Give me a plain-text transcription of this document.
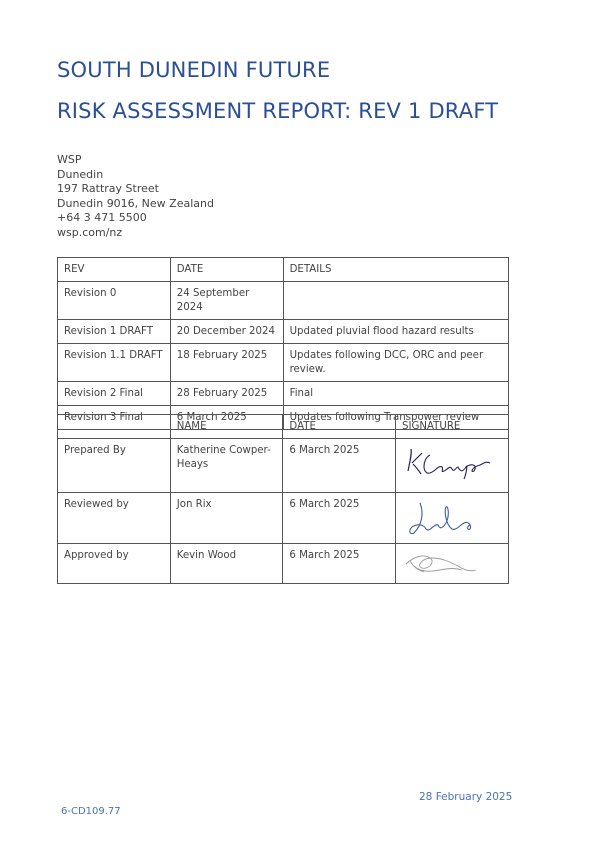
SOUTH DUNEDIN FUTURE
RISK ASSESSMENT REPORT: REV 1 DRAFT
WSP
Dunedin
197 Rattray Street
Dunedin 9016, New Zealand
+64 3 471 5500
wsp.com/nz
REV	DATE	DETAILS
Revision 0	24 September 2024	
Revision 1 DRAFT	20 December 2024	Updated pluvial flood hazard results
Revision 1.1 DRAFT	18 February 2025	Updates following DCC, ORC and peer review.
Revision 2 Final	28 February 2025	Final
Revision 3 Final	6 March 2025	Updates following Transpower review
	NAME	DATE	SIGNATURE
Prepared By	Katherine Cowper-Heays	6 March 2025	

Reviewed by	Jon Rix	6 March 2025	

Approved by	Kevin Wood	6 March 2025	
28 February 2025
6-CD109.77
